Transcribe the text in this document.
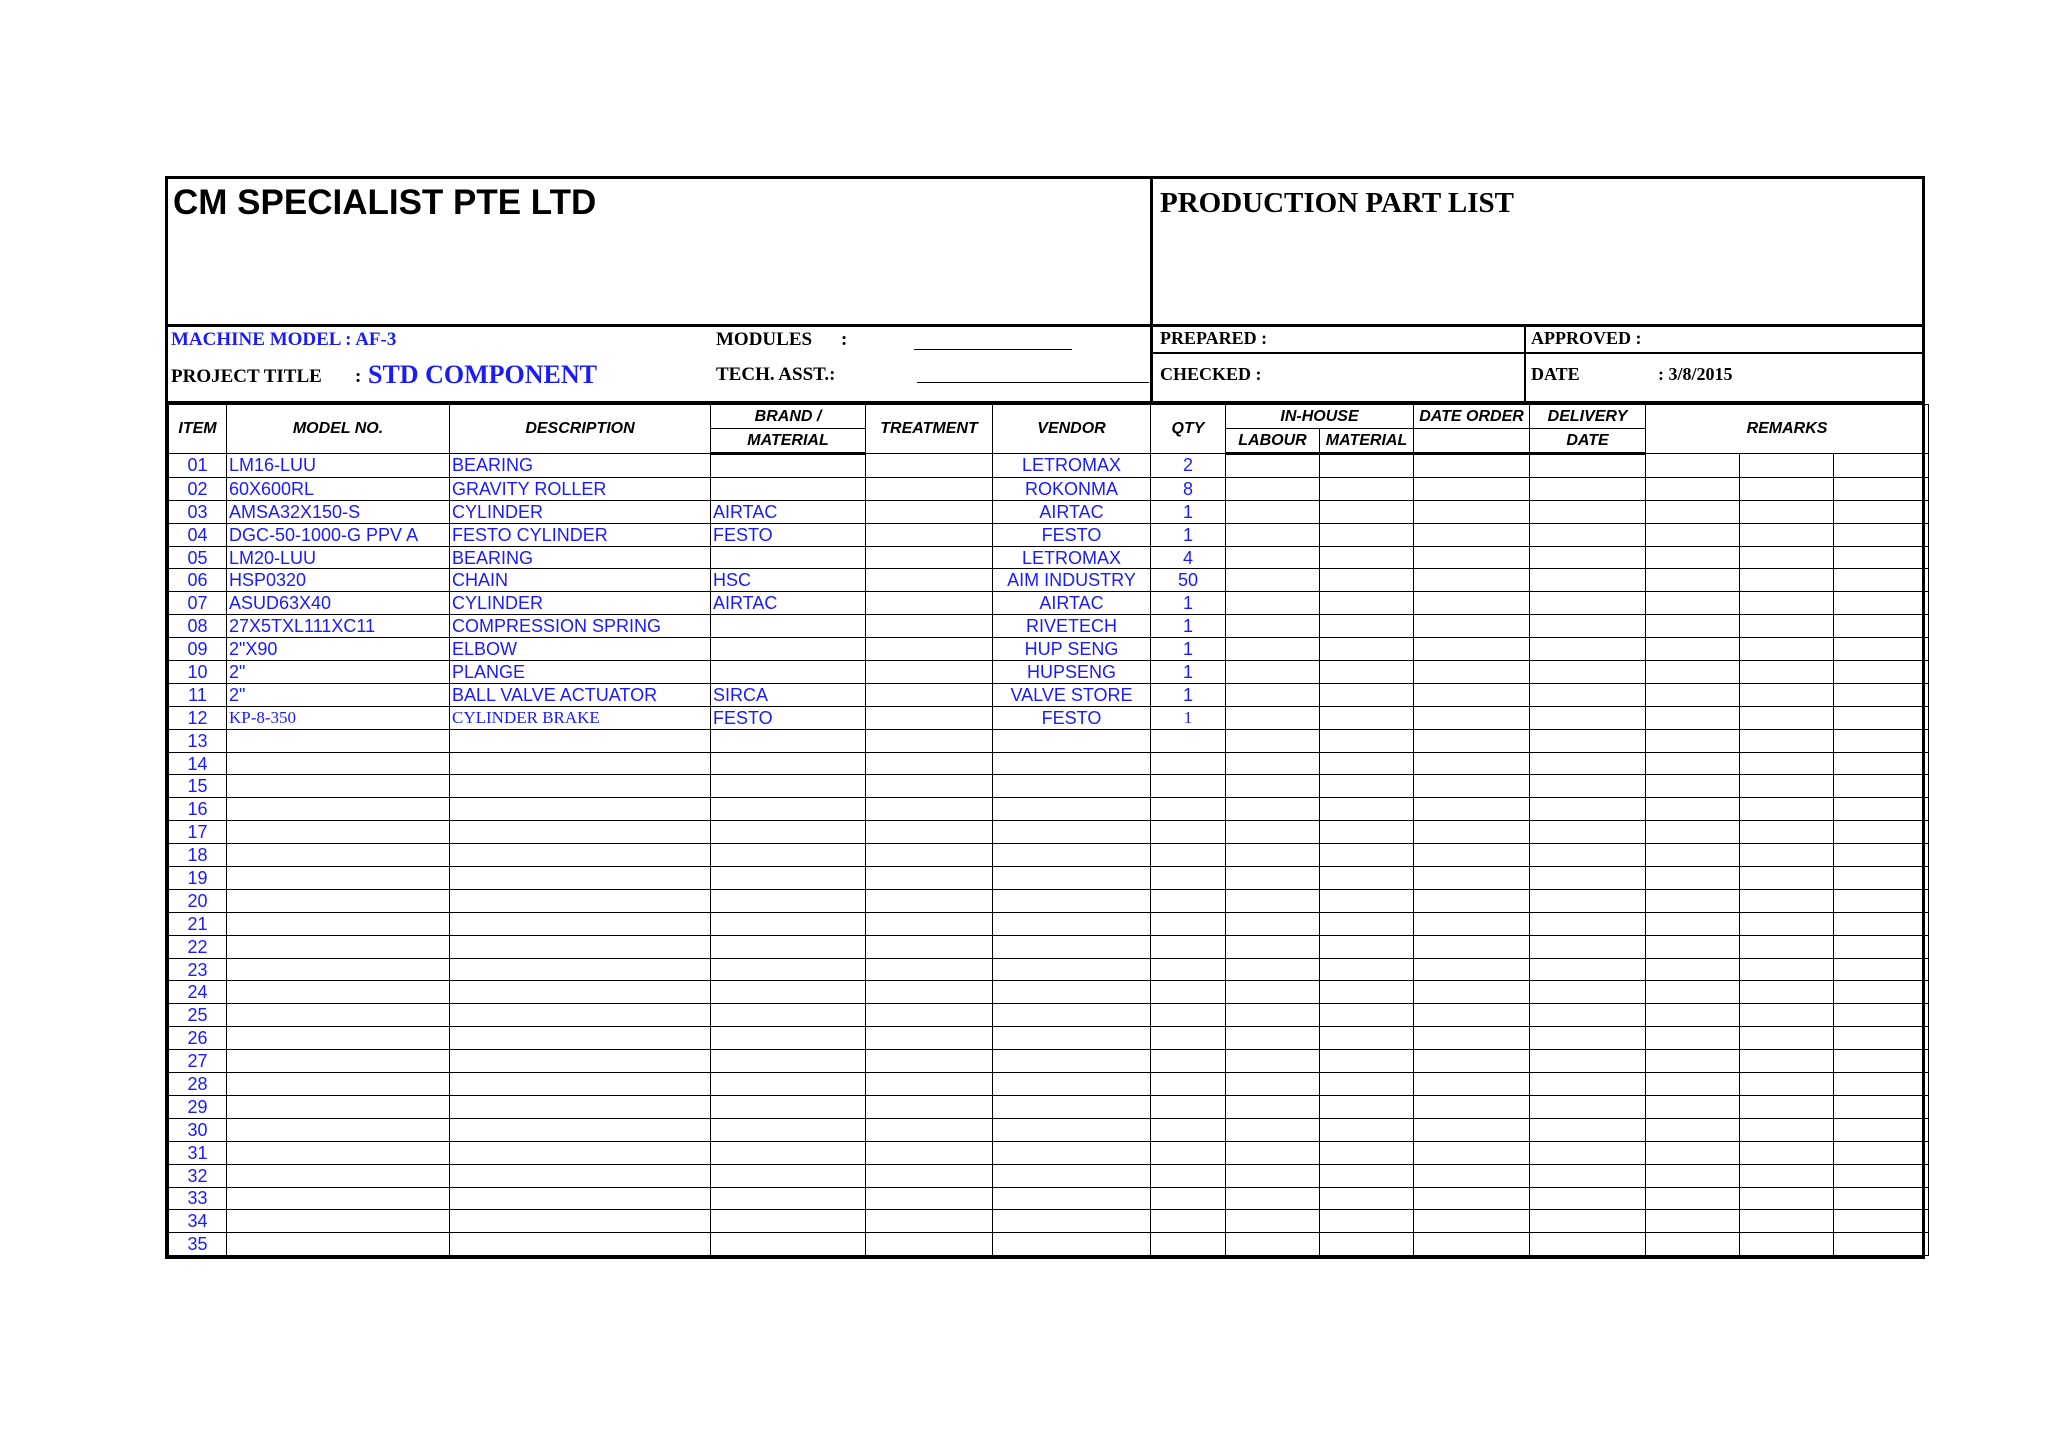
CM SPECIALIST PTE LTD	PRODUCTION PART LIST
MACHINE MODEL : AF-3
PROJECT TITLE : STD COMPONENT
MODULES :
TECH. ASST.:
PREPARED :	APPROVED :
CHECKED :	DATE	: 3/8/2015
ITEM	MODEL NO.	DESCRIPTION	BRAND /	TREATMENT	VENDOR	QTY	IN-HOUSE		DATE ORDER	DELIVERY	REMARKS		
			MATERIAL				LABOUR	MATERIAL		DATE			
01	LM16-LUU	BEARING			LETROMAX	2							
02	60X600RL	GRAVITY ROLLER			ROKONMA	8							
03	AMSA32X150-S	CYLINDER	AIRTAC		AIRTAC	1							
04	DGC-50-1000-G PPV A	FESTO CYLINDER	FESTO		FESTO	1							
05	LM20-LUU	BEARING			LETROMAX	4							
06	HSP0320	CHAIN	HSC		AIM INDUSTRY	50							
07	ASUD63X40	CYLINDER	AIRTAC		AIRTAC	1							
08	27X5TXL111XC11	COMPRESSION SPRING			RIVETECH	1							
09	2"X90	ELBOW			HUP SENG	1							
10	2"	PLANGE			HUPSENG	1							
11	2"	BALL VALVE ACTUATOR	SIRCA		VALVE STORE	1							
12	KP-8-350	CYLINDER BRAKE	FESTO		FESTO	1							
13													
14													
15													
16													
17													
18													
19													
20													
21													
22													
23													
24													
25													
26													
27													
28													
29													
30													
31													
32													
33													
34													
35													
